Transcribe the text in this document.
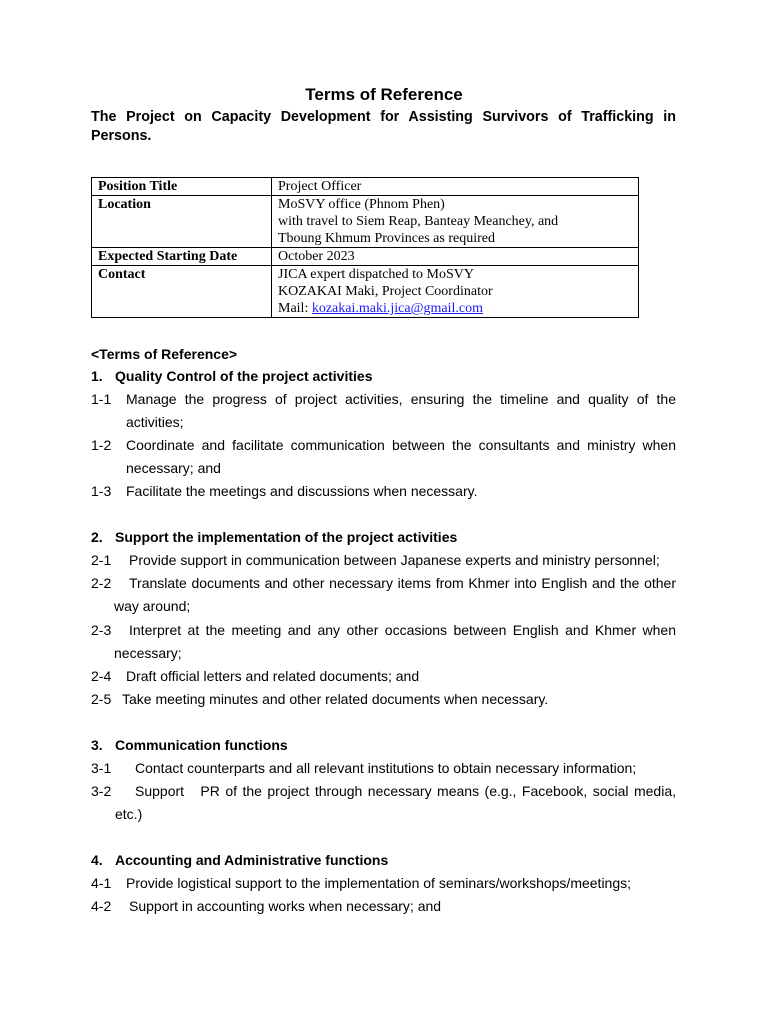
Terms of Reference
The Project on Capacity Development for Assisting Survivors of Trafficking in Persons.
Position Title	Project Officer

Location	MoSVY office (Phnom Phen)
with travel to Siem Reap, Banteay Meanchey, and
Tboung Khmum Provinces as required

Expected Starting Date	October 2023

Contact	JICA expert dispatched to MoSVY
KOZAKAI Maki, Project Coordinator
Mail: kozakai.maki.jica@gmail.com
<Terms of Reference>
1. Quality Control of the project activities
1-1	Manage the progress of project activities, ensuring the timeline and quality of the
activities;
1-2	Coordinate and facilitate communication between the consultants and ministry when
necessary; and
1-3	Facilitate the meetings and discussions when necessary.
2. Support the implementation of the project activities
2-1	Provide support in communication between Japanese experts and ministry personnel;
2-2	Translate documents and other necessary items from Khmer into English and the other
way around;
2-3	Interpret at the meeting and any other occasions between English and Khmer when
necessary;
2-4	Draft official letters and related documents; and
2-5 Take meeting minutes and other related documents when necessary.
3. Communication functions
3-1	Contact counterparts and all relevant institutions to obtain necessary information;
3-2	Support   PR of the project through necessary means (e.g., Facebook, social media,
etc.)
4. Accounting and Administrative functions
4-1	Provide logistical support to the implementation of seminars/workshops/meetings;
4-2	Support in accounting works when necessary; and
